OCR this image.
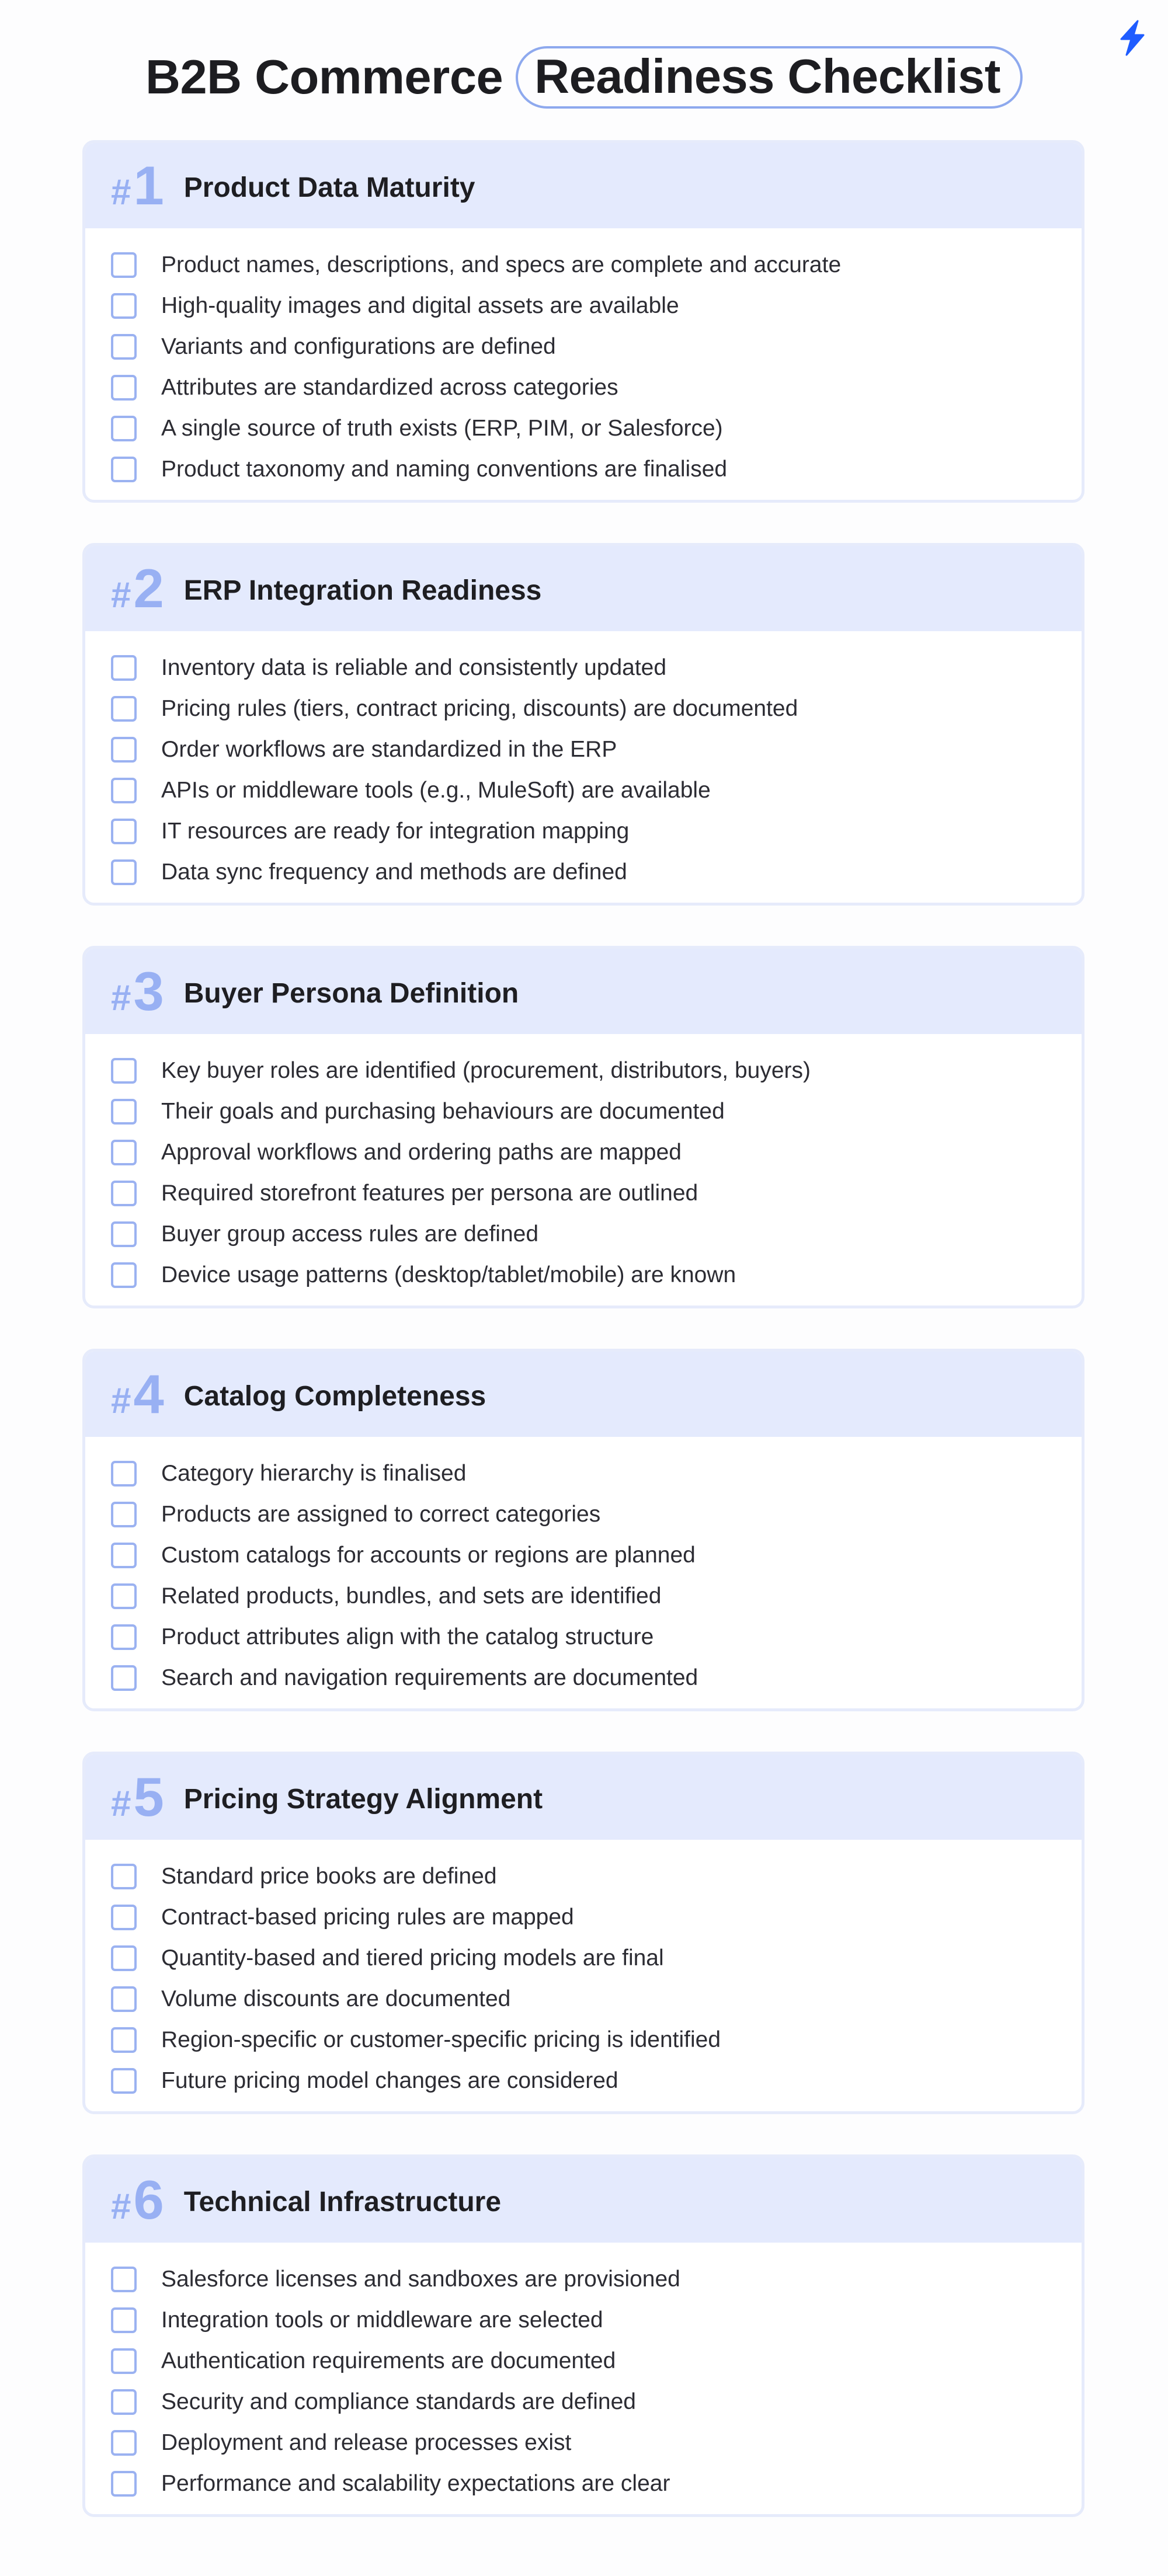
B2B Commerce Readiness Checklist
# 1 Product Data Maturity
Product names, descriptions, and specs are complete and accurate
High-quality images and digital assets are available
Variants and configurations are defined
Attributes are standardized across categories
A single source of truth exists (ERP, PIM, or Salesforce)
Product taxonomy and naming conventions are finalised
# 2 ERP Integration Readiness
Inventory data is reliable and consistently updated
Pricing rules (tiers, contract pricing, discounts) are documented
Order workflows are standardized in the ERP
APIs or middleware tools (e.g., MuleSoft) are available
IT resources are ready for integration mapping
Data sync frequency and methods are defined
# 3 Buyer Persona Definition
Key buyer roles are identified (procurement, distributors, buyers)
Their goals and purchasing behaviours are documented
Approval workflows and ordering paths are mapped
Required storefront features per persona are outlined
Buyer group access rules are defined
Device usage patterns (desktop/tablet/mobile) are known
# 4 Catalog Completeness
Category hierarchy is finalised
Products are assigned to correct categories
Custom catalogs for accounts or regions are planned
Related products, bundles, and sets are identified
Product attributes align with the catalog structure
Search and navigation requirements are documented
# 5 Pricing Strategy Alignment
Standard price books are defined
Contract-based pricing rules are mapped
Quantity-based and tiered pricing models are final
Volume discounts are documented
Region-specific or customer-specific pricing is identified
Future pricing model changes are considered
# 6 Technical Infrastructure
Salesforce licenses and sandboxes are provisioned
Integration tools or middleware are selected
Authentication requirements are documented
Security and compliance standards are defined
Deployment and release processes exist
Performance and scalability expectations are clear
